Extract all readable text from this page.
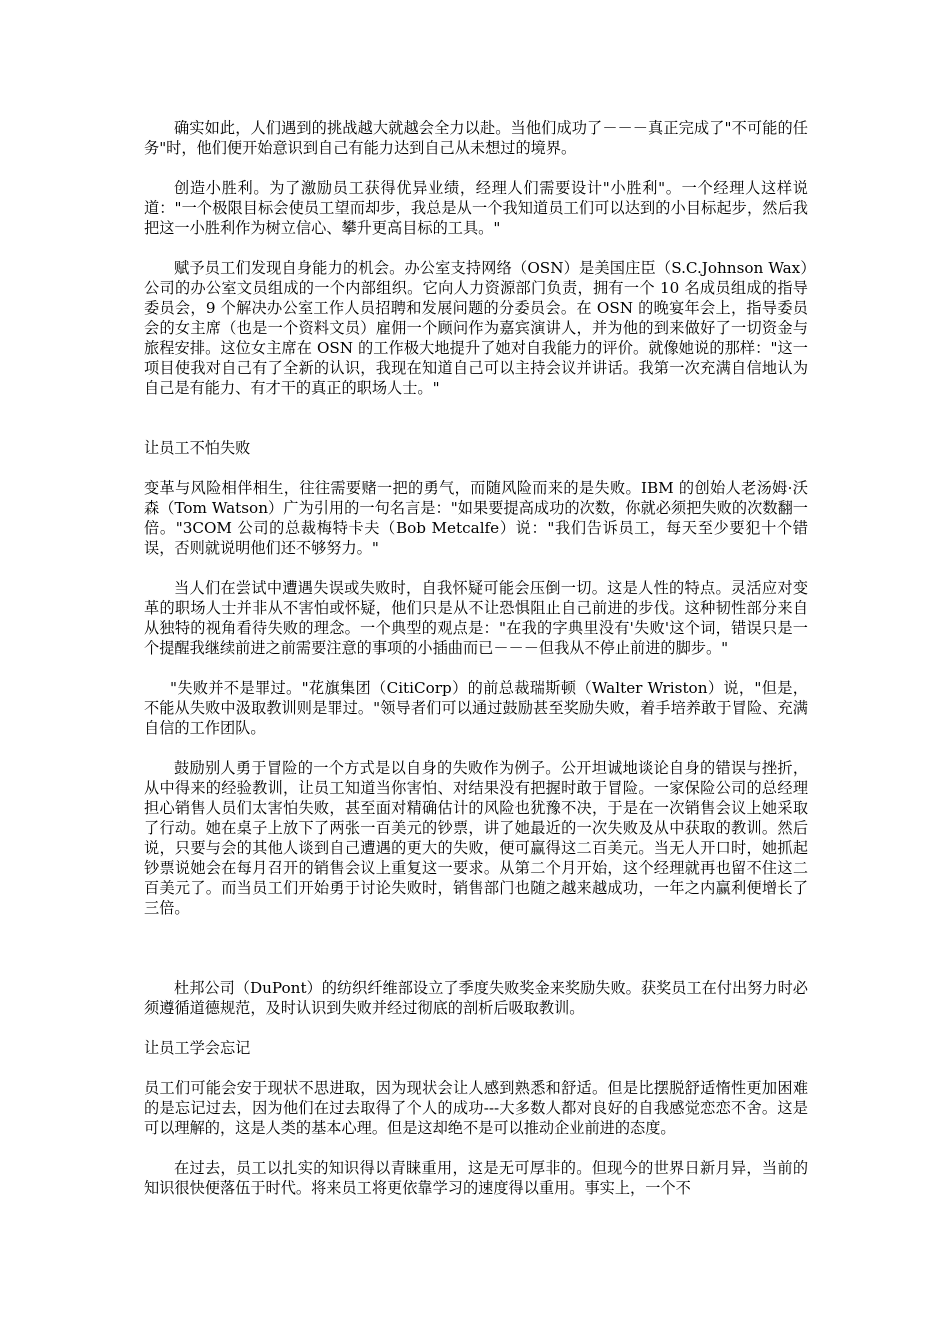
确实如此，人们遇到的挑战越大就越会全力以赴。当他们成功了－－－真正完成了"不可能的任务"时，他们便开始意识到自己有能力达到自己从未想过的境界。

创造小胜利。为了激励员工获得优异业绩，经理人们需要设计"小胜利"。一个经理人这样说道："一个极限目标会使员工望而却步，我总是从一个我知道员工们可以达到的小目标起步，然后我把这一小胜利作为树立信心、攀升更高目标的工具。"

赋予员工们发现自身能力的机会。办公室支持网络（OSN）是美国庄臣（S.C.Johnson Wax）公司的办公室文员组成的一个内部组织。它向人力资源部门负责，拥有一个 10 名成员组成的指导委员会，9 个解决办公室工作人员招聘和发展问题的分委员会。在 OSN 的晚宴年会上，指导委员会的女主席（也是一个资料文员）雇佣一个顾问作为嘉宾演讲人，并为他的到来做好了一切资金与旅程安排。这位女主席在 OSN 的工作极大地提升了她对自我能力的评价。就像她说的那样："这一项目使我对自己有了全新的认识，我现在知道自己可以主持会议并讲话。我第一次充满自信地认为自己是有能力、有才干的真正的职场人士。"

让员工不怕失败

变革与风险相伴相生，往往需要赌一把的勇气，而随风险而来的是失败。IBM 的创始人老汤姆·沃森（Tom Watson）广为引用的一句名言是："如果要提高成功的次数，你就必须把失败的次数翻一倍。"3COM 公司的总裁梅特卡夫（Bob Metcalfe）说："我们告诉员工，每天至少要犯十个错误，否则就说明他们还不够努力。"

当人们在尝试中遭遇失误或失败时，自我怀疑可能会压倒一切。这是人性的特点。灵活应对变革的职场人士并非从不害怕或怀疑，他们只是从不让恐惧阻止自己前进的步伐。这种韧性部分来自从独特的视角看待失败的理念。一个典型的观点是："在我的字典里没有'失败'这个词，错误只是一个提醒我继续前进之前需要注意的事项的小插曲而已－－－但我从不停止前进的脚步。"

"失败并不是罪过。"花旗集团（CitiCorp）的前总裁瑞斯顿（Walter Wriston）说，"但是，不能从失败中汲取教训则是罪过。"领导者们可以通过鼓励甚至奖励失败，着手培养敢于冒险、充满自信的工作团队。

鼓励别人勇于冒险的一个方式是以自身的失败作为例子。公开坦诚地谈论自身的错误与挫折，从中得来的经验教训，让员工知道当你害怕、对结果没有把握时敢于冒险。一家保险公司的总经理担心销售人员们太害怕失败，甚至面对精确估计的风险也犹豫不决，于是在一次销售会议上她采取了行动。她在桌子上放下了两张一百美元的钞票，讲了她最近的一次失败及从中获取的教训。然后说，只要与会的其他人谈到自己遭遇的更大的失败，便可赢得这二百美元。当无人开口时，她抓起钞票说她会在每月召开的销售会议上重复这一要求。从第二个月开始，这个经理就再也留不住这二百美元了。而当员工们开始勇于讨论失败时，销售部门也随之越来越成功，一年之内赢利便增长了三倍。

杜邦公司（DuPont）的纺织纤维部设立了季度失败奖金来奖励失败。获奖员工在付出努力时必须遵循道德规范，及时认识到失败并经过彻底的剖析后吸取教训。

让员工学会忘记

员工们可能会安于现状不思进取，因为现状会让人感到熟悉和舒适。但是比摆脱舒适惰性更加困难的是忘记过去，因为他们在过去取得了个人的成功---大多数人都对良好的自我感觉恋恋不舍。这是可以理解的，这是人类的基本心理。但是这却绝不是可以推动企业前进的态度。

在过去，员工以扎实的知识得以青睐重用，这是无可厚非的。但现今的世界日新月异，当前的知识很快便落伍于时代。将来员工将更依靠学习的速度得以重用。事实上，一个不
